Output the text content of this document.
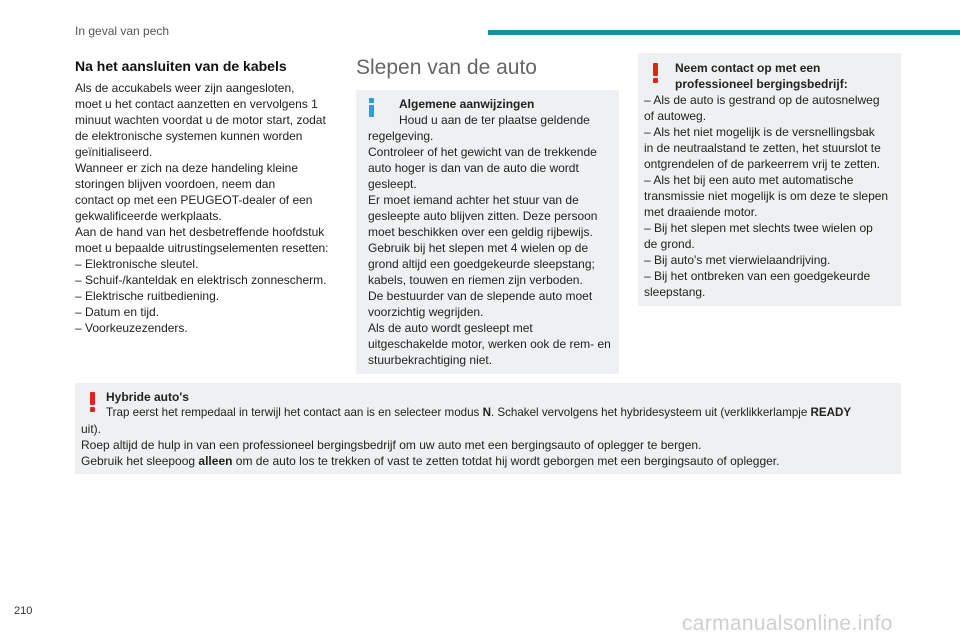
In geval van pech
Na het aansluiten van de kabels

Als de accukabels weer zijn aangesloten,

moet u het contact aanzetten en vervolgens 1

minuut wachten voordat u de motor start, zodat

de elektronische systemen kunnen worden

geïnitialiseerd.

Wanneer er zich na deze handeling kleine

storingen blijven voordoen, neem dan

contact op met een PEUGEOT-dealer of een

gekwalificeerde werkplaats.

Aan de hand van het desbetreffende hoofdstuk

moet u bepaalde uitrustingselementen resetten:

– Elektronische sleutel.

– Schuif-/kanteldak en elektrisch zonnescherm.

– Elektrische ruitbediening.

– Datum en tijd.

– Voorkeuzezenders.

Slepen van de auto

Algemene aanwijzingen

Houd u aan de ter plaatse geldende

regelgeving.

Controleer of het gewicht van de trekkende

auto hoger is dan van de auto die wordt

gesleept.

Er moet iemand achter het stuur van de

gesleepte auto blijven zitten. Deze persoon

moet beschikken over een geldig rijbewijs.

Gebruik bij het slepen met 4 wielen op de

grond altijd een goedgekeurde sleepstang;

kabels, touwen en riemen zijn verboden.

De bestuurder van de slepende auto moet

voorzichtig wegrijden.

Als de auto wordt gesleept met

uitgeschakelde motor, werken ook de rem- en

stuurbekrachtiging niet.

Neem contact op met een

professioneel bergingsbedrijf:

– Als de auto is gestrand op de autosnelweg

of autoweg.

– Als het niet mogelijk is de versnellingsbak

in de neutraalstand te zetten, het stuurslot te

ontgrendelen of de parkeerrem vrij te zetten.

– Als het bij een auto met automatische

transmissie niet mogelijk is om deze te slepen

met draaiende motor.

– Bij het slepen met slechts twee wielen op

de grond.

– Bij auto's met vierwielaandrijving.

– Bij het ontbreken van een goedgekeurde

sleepstang.

Hybride auto's

Trap eerst het rempedaal in terwijl het contact aan is en selecteer modus N. Schakel vervolgens het hybridesysteem uit (verklikkerlampje READY

uit).

Roep altijd de hulp in van een professioneel bergingsbedrijf om uw auto met een bergingsauto of oplegger te bergen.

Gebruik het sleepoog alleen om de auto los te trekken of vast te zetten totdat hij wordt geborgen met een bergingsauto of oplegger.

210
carmanualsonline.info
